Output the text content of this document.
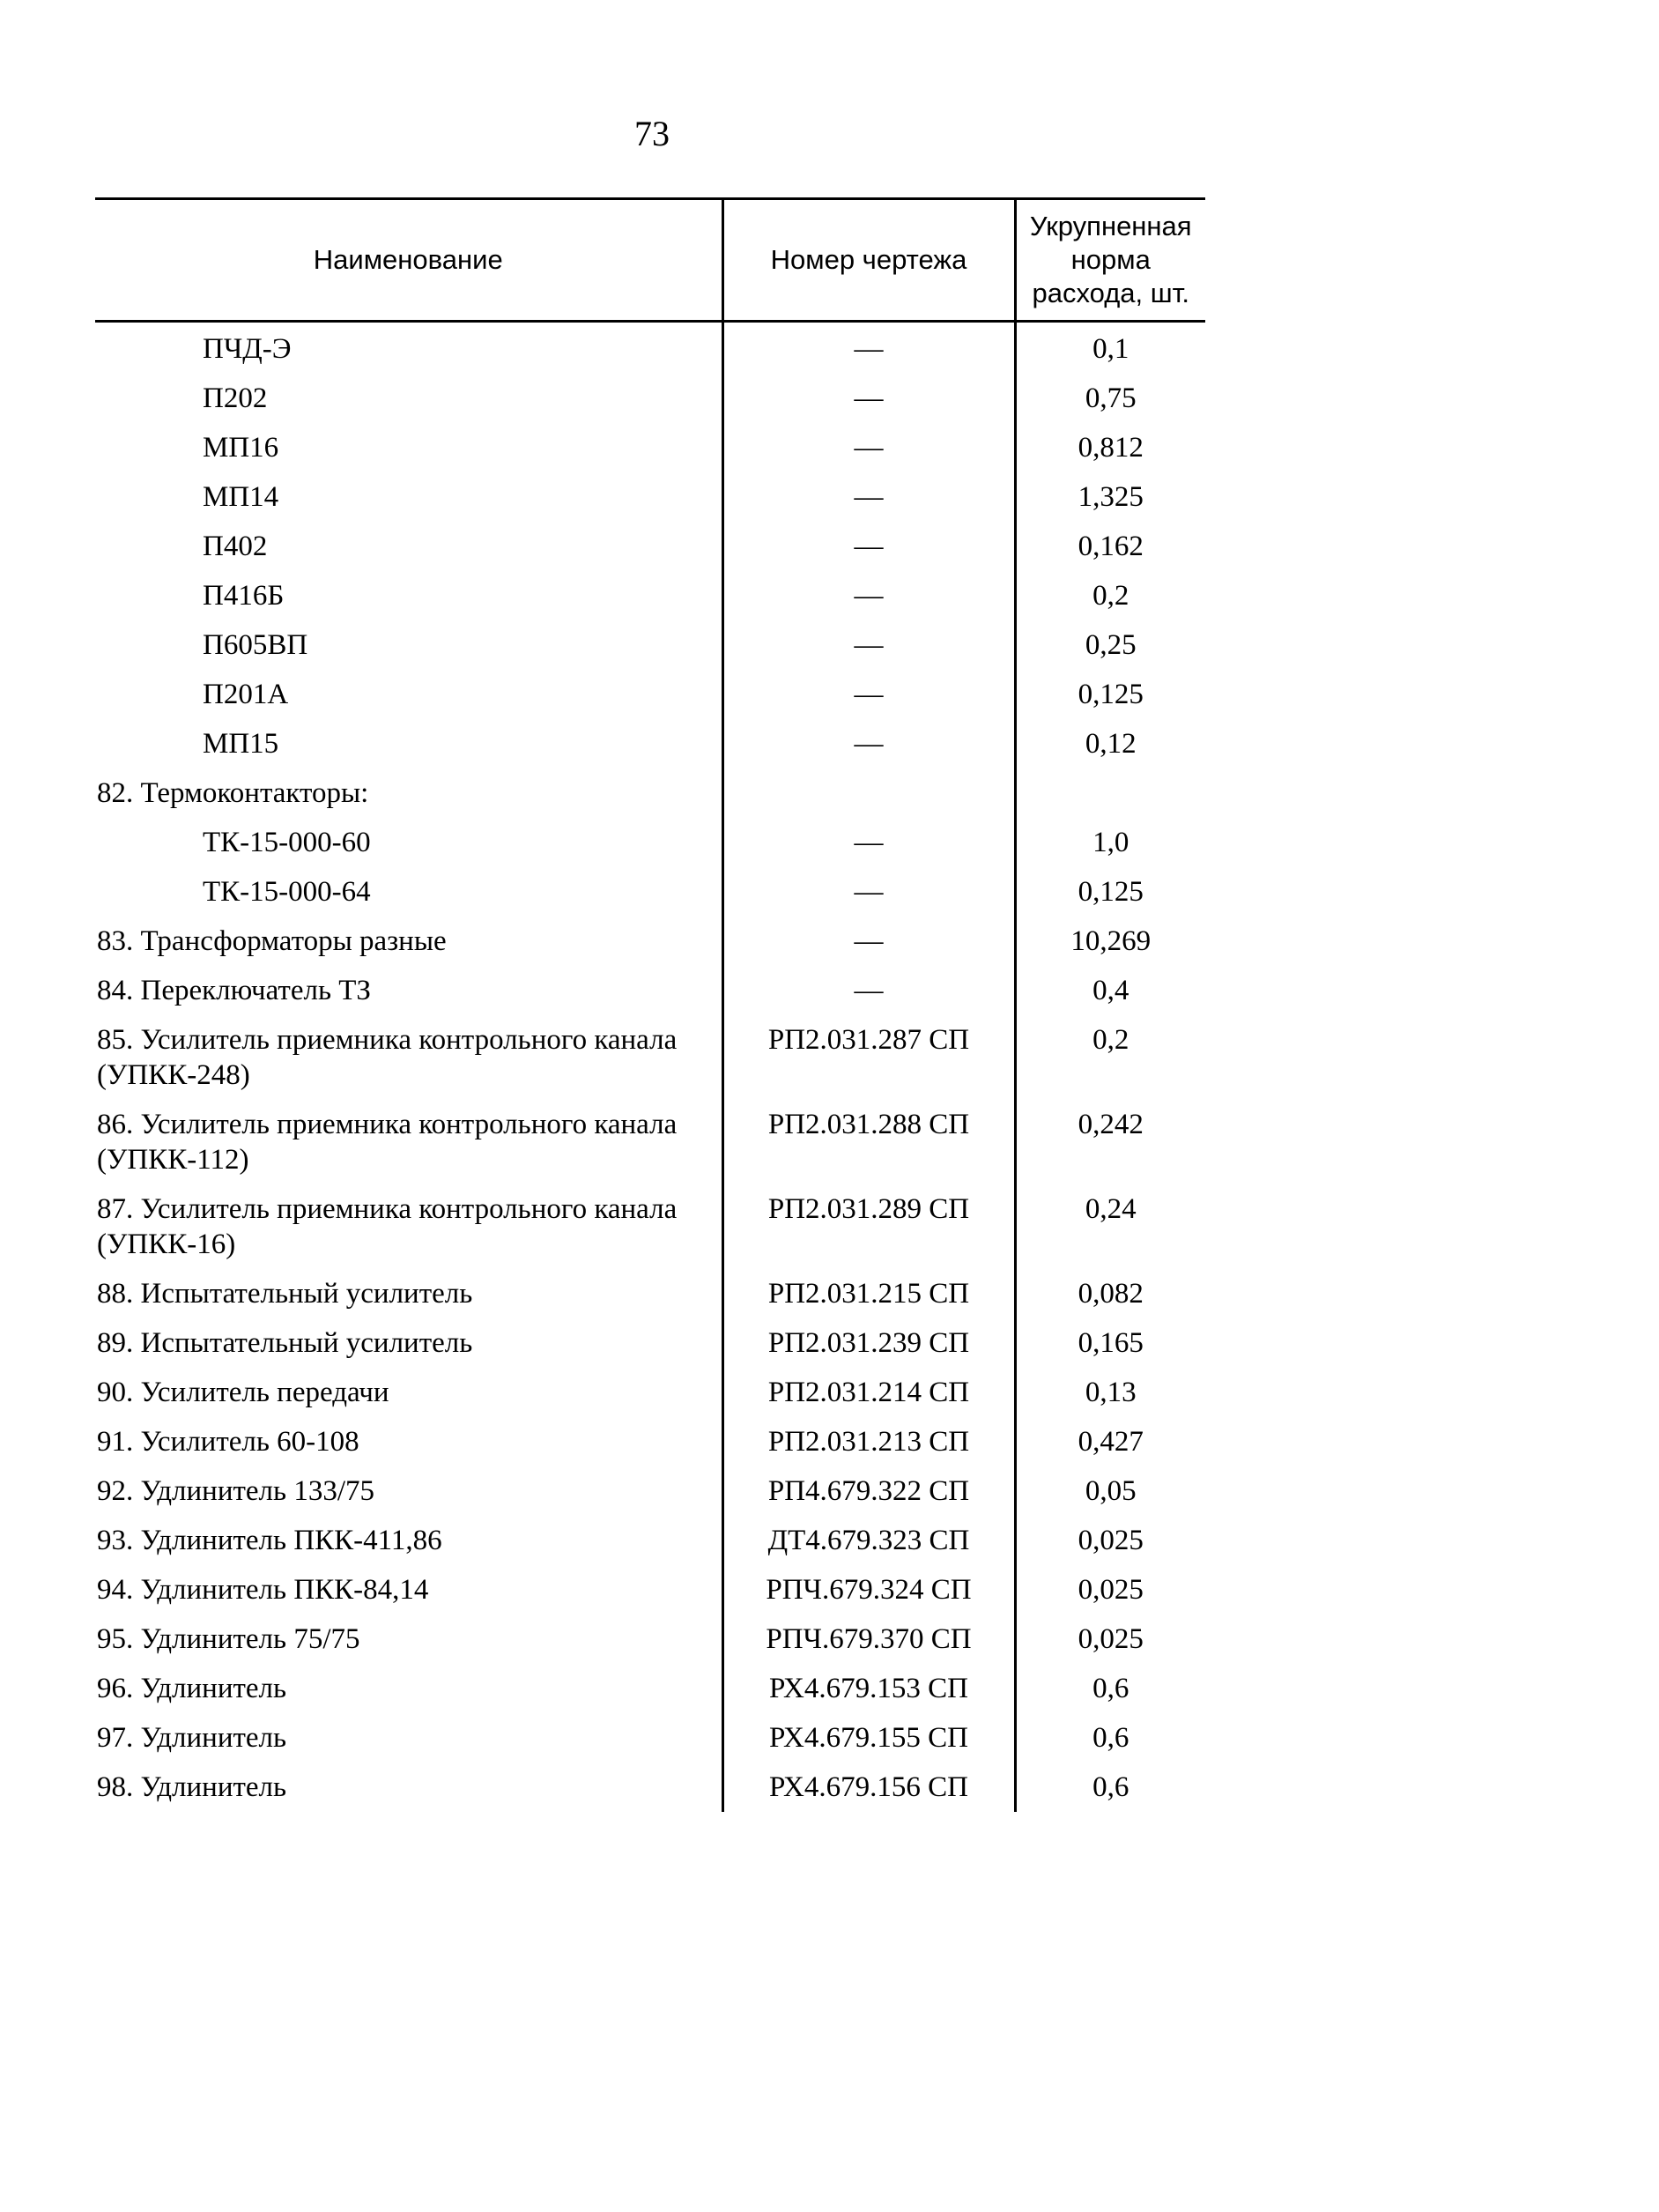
73
Наименование	Номер чертежа	Укрупненная норма расхода, шт.
ПЧД-Э	—	0,1
П202	—	0,75
МП16	—	0,812
МП14	—	1,325
П402	—	0,162
П416Б	—	0,2
П605ВП	—	0,25
П201А	—	0,125
МП15	—	0,12
82. Термоконтакторы:		
ТК-15-000-60	—	1,0
ТК-15-000-64	—	0,125
83. Трансформаторы разные	—	10,269
84. Переключатель ТЗ	—	0,4
85. Усилитель приемника контрольного канала (УПКК-248)	РП2.031.287 СП	0,2
86. Усилитель приемника контрольного канала (УПКК-112)	РП2.031.288 СП	0,242
87. Усилитель приемника контрольного канала (УПКК-16)	РП2.031.289 СП	0,24
88. Испытательный усилитель	РП2.031.215 СП	0,082
89. Испытательный усилитель	РП2.031.239 СП	0,165
90. Усилитель передачи	РП2.031.214 СП	0,13
91. Усилитель 60-108	РП2.031.213 СП	0,427
92. Удлинитель 133/75	РП4.679.322 СП	0,05
93. Удлинитель ПКК-411,86	ДТ4.679.323 СП	0,025
94. Удлинитель ПКК-84,14	РПЧ.679.324 СП	0,025
95. Удлинитель 75/75	РПЧ.679.370 СП	0,025
96. Удлинитель	РХ4.679.153 СП	0,6
97. Удлинитель	РХ4.679.155 СП	0,6
98. Удлинитель	РХ4.679.156 СП	0,6
